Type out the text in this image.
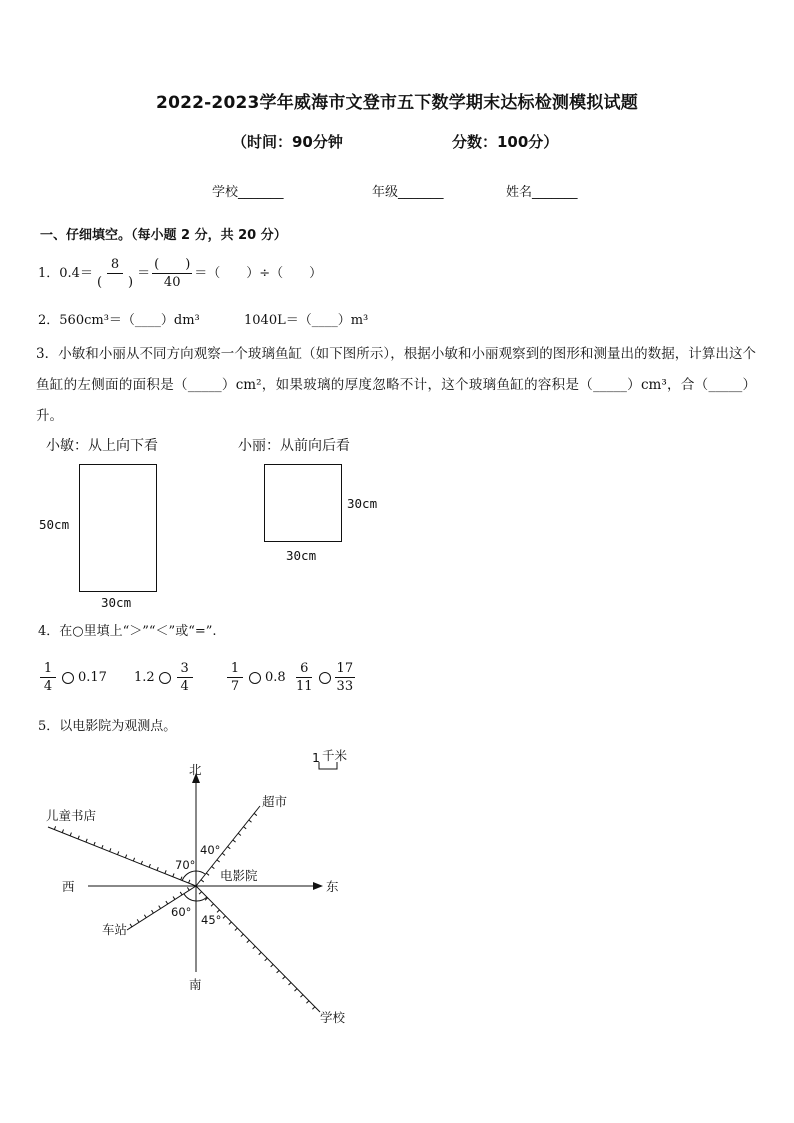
2022-2023学年威海市文登市五下数学期末达标检测模拟试题
（时间：90分钟	分数：100分）
学校_______	年级_______	姓名_______
一、仔细填空。（每小题 2 分，共 20 分）
1．$0.4= \frac{8}{( )} = \frac{( )}{40}$ ＝（　　）÷（　　）
2．560cm³＝（____）dm³	1040L＝（____）m³
3．小敏和小丽从不同方向观察一个玻璃鱼缸（如下图所示），根据小敏和小丽观察到的图形和测量出的数据，计算出这个鱼缸的左侧面的面积是（_____）cm²，如果玻璃的厚度忽略不计，这个玻璃鱼缸的容积是（_____）cm³，合（_____）升。
小敏：从上向下看	小丽：从前向后看
50cm
30cm
30cm
30cm
4．在○里填上“＞”“＜”或“=”.
$\frac{1}{4} 0.17$ $1.2 \frac{3}{4}$	$\frac{1}{7} 0.8 \frac{6}{11} \frac{17}{33}$
5．以电影院为观测点。
1 千米
北
南
东
西
电影院
超市
儿童书店
车站
学校
40°
70°
60°
45°
